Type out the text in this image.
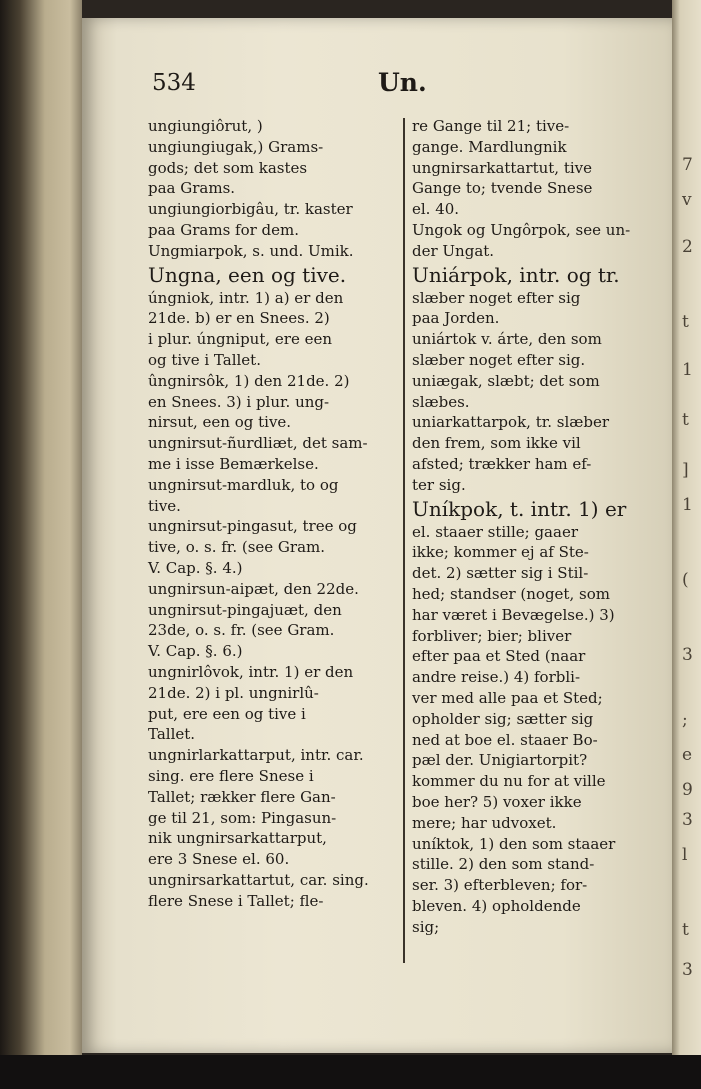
7
v
2
t
1
t
]
1
(
3
;
e
9
3
l
t
3
534	Un.

ungiungiôrut, )

ungiungiugak,) Grams-

gods; det som kastes

paa Grams.

ungiungiorbigâu, tr. kaster

paa Grams for dem.

Ungmiarpok, s. und. Umik.

Ungna, een og tive.

úngniok, intr. 1) a) er den

21de. b) er en Snees. 2)

i plur. úngniput, ere een

og tive i Tallet.

ûngnirsôk, 1) den 21de. 2)

en Snees. 3) i plur. ung-

nirsut, een og tive.

ungnirsut-ñurdliæt, det sam-

me i isse Bemærkelse.

ungnirsut-mardluk, to og

tive.

ungnirsut-pingasut, tree og

tive, o. s. fr. (see Gram.

V. Cap. §. 4.)

ungnirsun-aipæt, den 22de.

ungnirsut-pingajuæt, den

23de, o. s. fr. (see Gram.

V. Cap. §. 6.)

ungnirlôvok, intr. 1) er den

21de. 2) i pl. ungnirlû-

put, ere een og tive i

Tallet.

ungnirlarkattarput, intr. car.

sing. ere flere Snese i

Tallet; rækker flere Gan-

ge til 21, som: Pingasun-

nik ungnirsarkattarput,

ere 3 Snese el. 60.

ungnirsarkattartut, car. sing.

flere Snese i Tallet; fle-

re Gange til 21; tive-

gange. Mardlungnik

ungnirsarkattartut, tive

Gange to; tvende Snese

el. 40.

Ungok og Ungôrpok, see un-

der Ungat.

Uniárpok, intr. og tr.

slæber noget efter sig

paa Jorden.

uniártok v. árte, den som

slæber noget efter sig.

uniægak, slæbt; det som

slæbes.

uniarkattarpok, tr. slæber

den frem, som ikke vil

afsted; trækker ham ef-

ter sig.

Uníkpok, t. intr. 1) er

el. staaer stille; gaaer

ikke; kommer ej af Ste-

det. 2) sætter sig i Stil-

hed; standser (noget, som

har været i Bevægelse.) 3)

forbliver; bier; bliver

efter paa et Sted (naar

andre reise.) 4) forbli-

ver med alle paa et Sted;

opholder sig; sætter sig

ned at boe el. staaer Bo-

pæl der. Unigiartorpit?

kommer du nu for at ville

boe her? 5) voxer ikke

mere; har udvoxet.

uníktok, 1) den som staaer

stille. 2) den som stand-

ser. 3) efterbleven; for-

bleven. 4) opholdende

sig;
